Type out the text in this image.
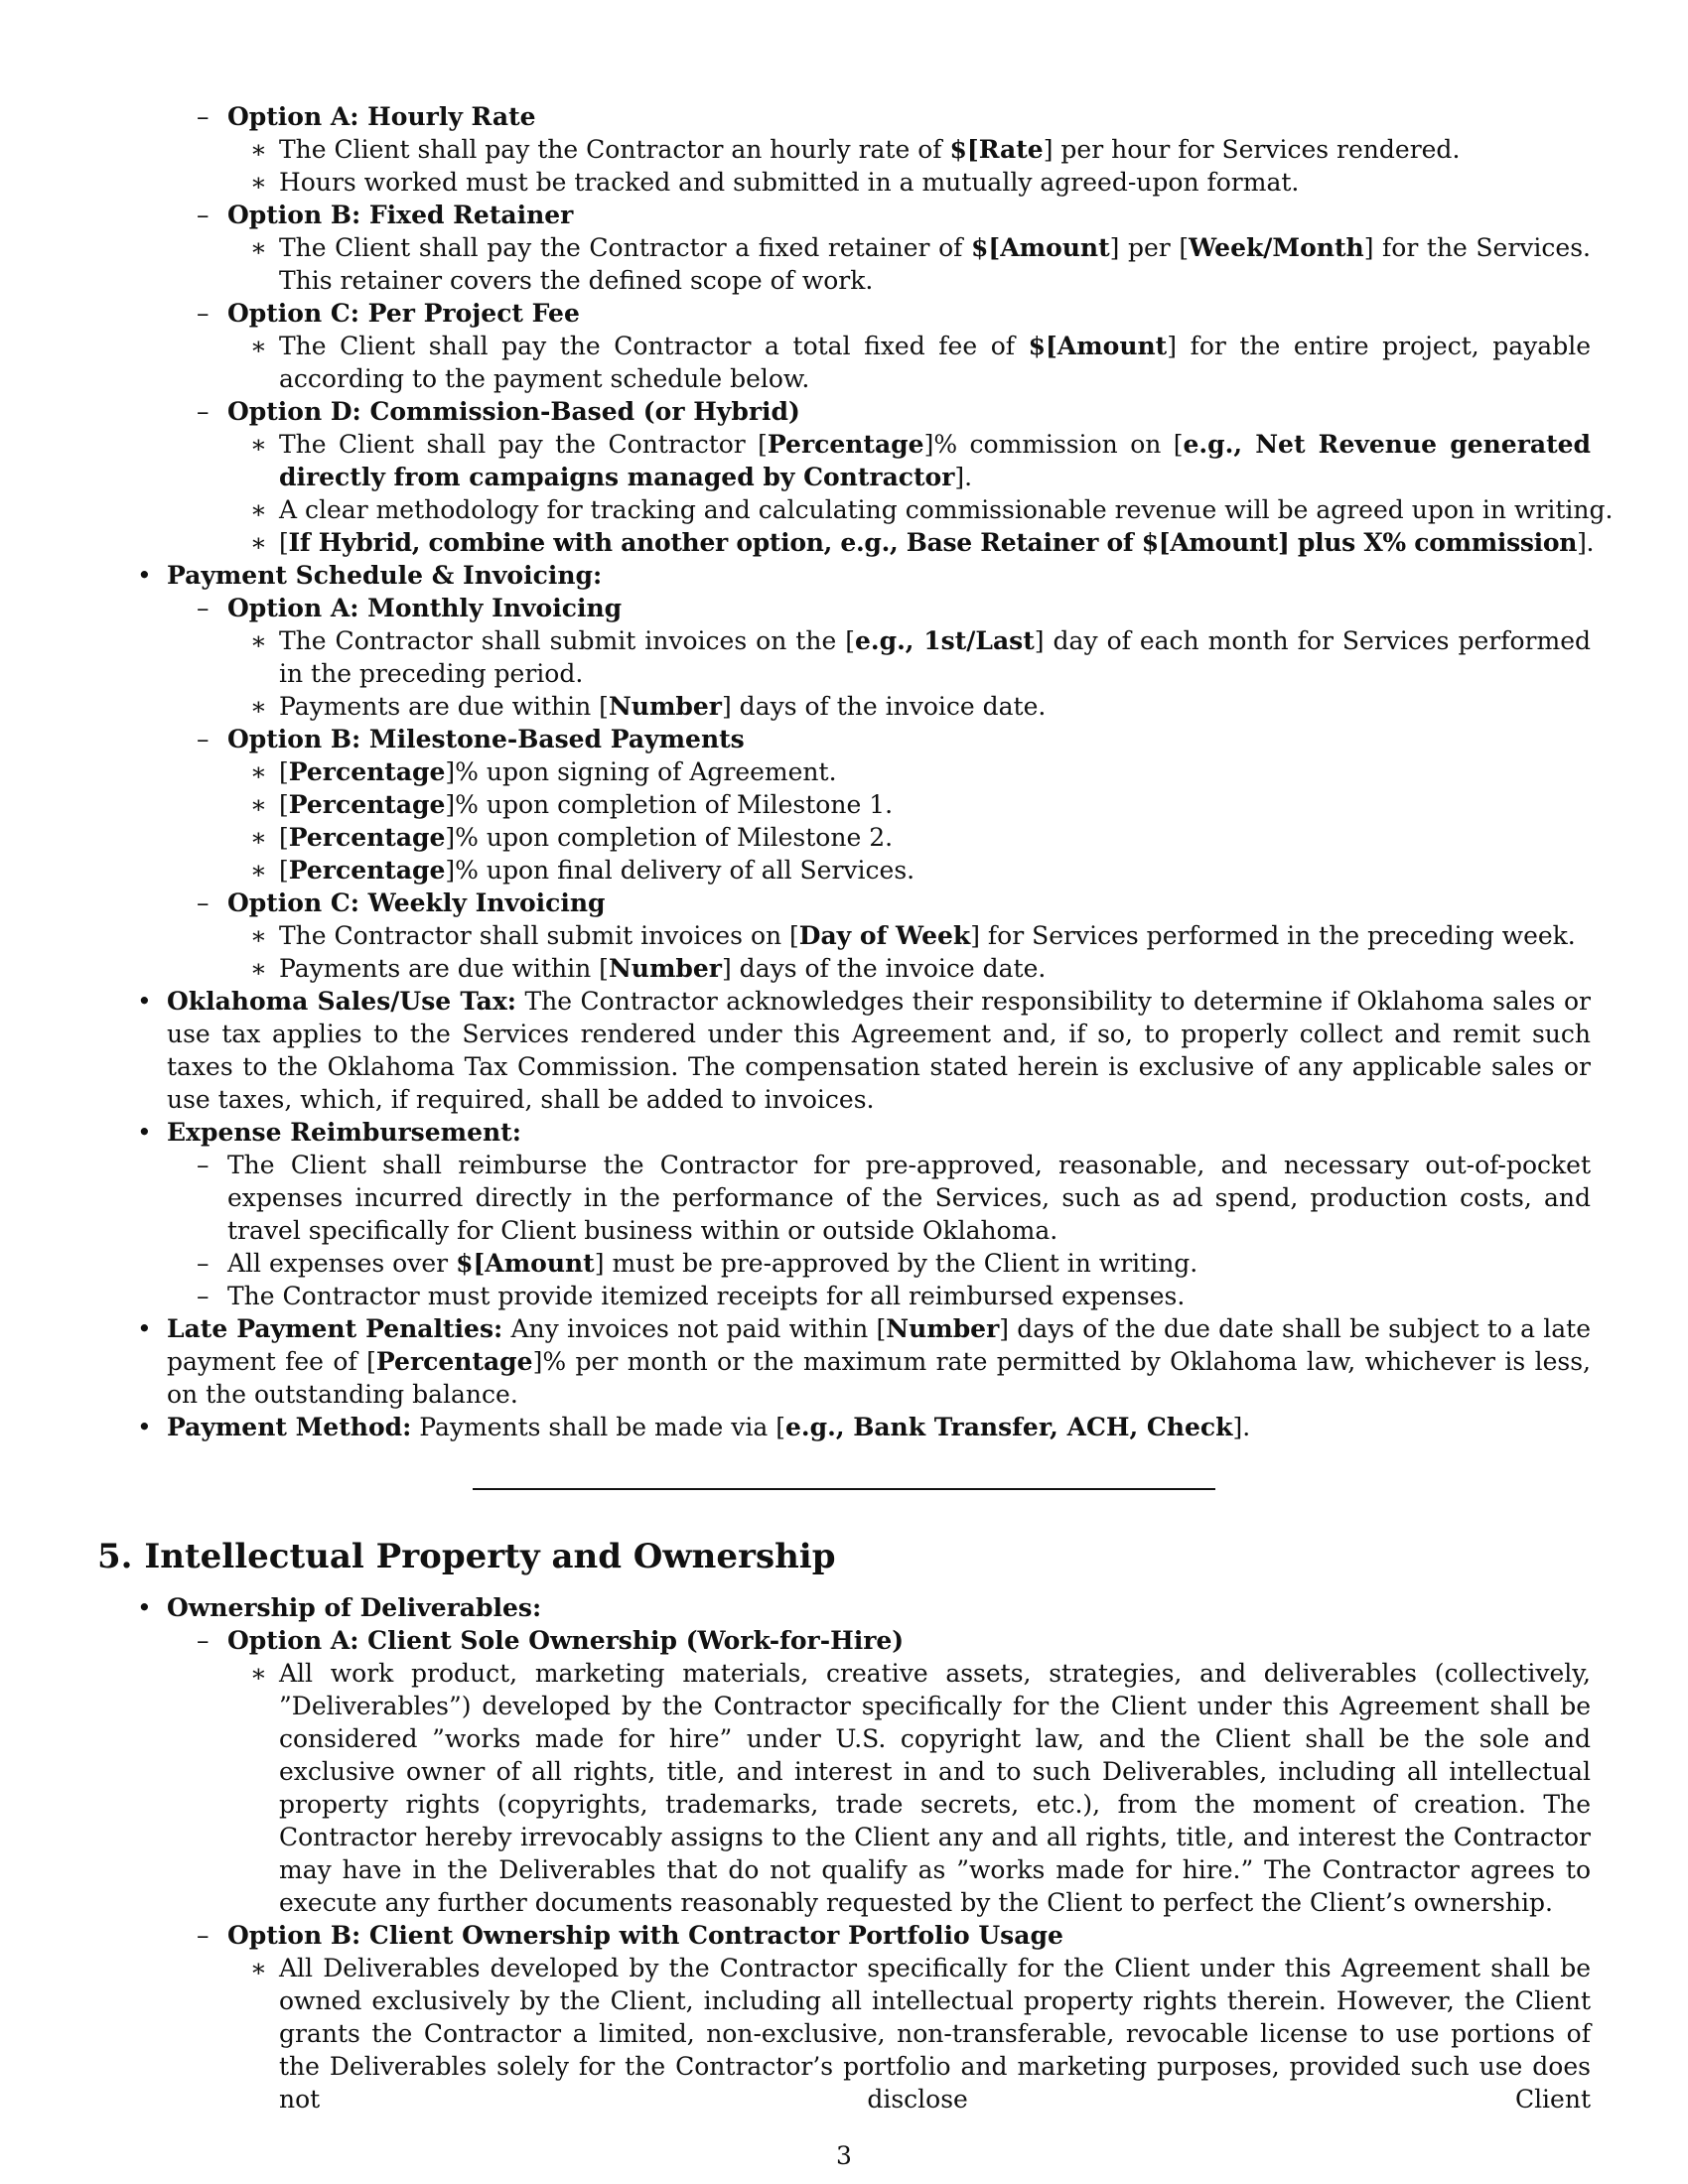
– Option A: Hourly Rate
∗ The Client shall pay the Contractor an hourly rate of $[Rate] per hour for Services rendered.
∗ Hours worked must be tracked and submitted in a mutually agreed-upon format.
– Option B: Fixed Retainer
∗ The Client shall pay the Contractor a fixed retainer of $[Amount] per [Week/Month] for the Services. This retainer covers the defined scope of work.
– Option C: Per Project Fee
∗ The Client shall pay the Contractor a total fixed fee of $[Amount] for the entire project, payable according to the payment schedule below.
– Option D: Commission-Based (or Hybrid)
∗ The Client shall pay the Contractor [Percentage]% commission on [e.g., Net Revenue generated directly from campaigns managed by Contractor].
∗ A clear methodology for tracking and calculating commissionable revenue will be agreed upon in writing.
∗ [If Hybrid, combine with another option, e.g., Base Retainer of $[Amount] plus X% commission].
• Payment Schedule & Invoicing:
– Option A: Monthly Invoicing
∗ The Contractor shall submit invoices on the [e.g., 1st/Last] day of each month for Services performed in the preceding period.
∗ Payments are due within [Number] days of the invoice date.
– Option B: Milestone-Based Payments
∗ [Percentage]% upon signing of Agreement.
∗ [Percentage]% upon completion of Milestone 1.
∗ [Percentage]% upon completion of Milestone 2.
∗ [Percentage]% upon final delivery of all Services.
– Option C: Weekly Invoicing
∗ The Contractor shall submit invoices on [Day of Week] for Services performed in the preceding week.
∗ Payments are due within [Number] days of the invoice date.
• Oklahoma Sales/Use Tax: The Contractor acknowledges their responsibility to determine if Oklahoma sales or use tax applies to the Services rendered under this Agreement and, if so, to properly collect and remit such taxes to the Oklahoma Tax Commission. The compensation stated herein is exclusive of any applicable sales or use taxes, which, if required, shall be added to invoices.
• Expense Reimbursement:
– The Client shall reimburse the Contractor for pre-approved, reasonable, and necessary out-of-pocket expenses incurred directly in the performance of the Services, such as ad spend, production costs, and travel specifically for Client business within or outside Oklahoma.
– All expenses over $[Amount] must be pre-approved by the Client in writing.
– The Contractor must provide itemized receipts for all reimbursed expenses.
• Late Payment Penalties: Any invoices not paid within [Number] days of the due date shall be subject to a late payment fee of [Percentage]% per month or the maximum rate permitted by Oklahoma law, whichever is less, on the outstanding balance.
• Payment Method: Payments shall be made via [e.g., Bank Transfer, ACH, Check].
5. Intellectual Property and Ownership
• Ownership of Deliverables:
– Option A: Client Sole Ownership (Work-for-Hire)
∗ All work product, marketing materials, creative assets, strategies, and deliverables (collectively, ”Deliverables”) developed by the Contractor specifically for the Client under this Agreement shall be considered ”works made for hire” under U.S. copyright law, and the Client shall be the sole and exclusive owner of all rights, title, and interest in and to such Deliverables, including all intellectual property rights (copyrights, trademarks, trade secrets, etc.), from the moment of creation. The Contractor hereby irrevocably assigns to the Client any and all rights, title, and interest the Contractor may have in the Deliverables that do not qualify as ”works made for hire.” The Contractor agrees to execute any further documents reasonably requested by the Client to perfect the Client’s ownership.
– Option B: Client Ownership with Contractor Portfolio Usage
∗ All Deliverables developed by the Contractor specifically for the Client under this Agreement shall be owned exclusively by the Client, including all intellectual property rights therein. However, the Client grants the Contractor a limited, non-exclusive, non-transferable, revocable license to use portions of the Deliverables solely for the Contractor’s portfolio and marketing purposes, provided such use does not disclose Client
3
